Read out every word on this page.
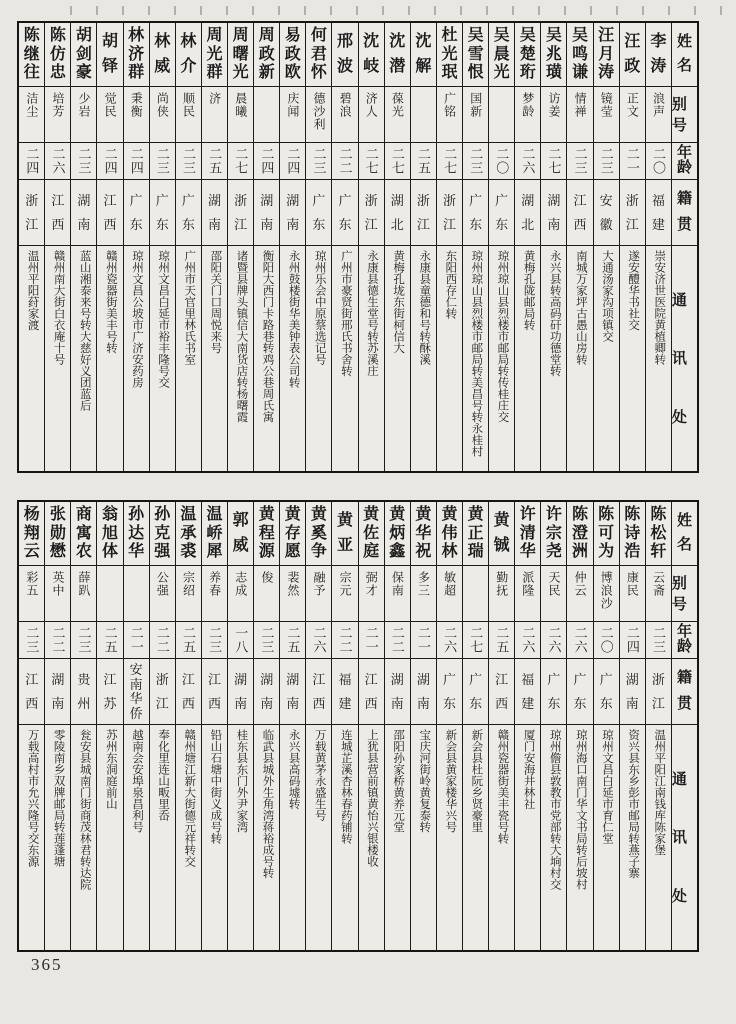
姓
名
别
号
年
龄
籍
贯
通
讯
处
李
涛
浪声
二〇
福
建
崇安济世医院黄植卿转
汪
政
正文
二一
浙
江
遂安醴华书社交
汪
月
涛
镜莹
二三
安
徽
大通汤家沟项镇交
吴
鸣
谦
情禅
二三
江
西
南城万家坪古愚山房转
吴
兆
璜
访姜
二七
湖
南
永兴县转高码矸功德堂转
吴
楚
珩
梦龄
二六
湖
北
黄梅孔陇邮局转
吴
晨
光
二〇
广
东
琼州琼山县烈楼市邮局转传桂庄交
吴
雪
恨
国新
二三
广
东
琼州琼山县烈楼市邮局转美昌号转永桂村
杜
光
珉
广铭
二七
浙
江
东阳西存仁转
沈
解
二五
浙
江
永康县童德和号转酥溪
沈
潜
葆光
二七
湖
北
黄梅孔垅东街柯信大
沈
岐
济人
二七
浙
江
永康县德生堂号转苏溪庄
邢
波
碧浪
二二
广
东
广州市豪贤街邢氏书舍转
何
君
怀
德沙利
二三
广
东
琼州乐会中原蔡选记号
易
政
欧
庆闻
二四
湖
南
永州鼓楼街华美钟表公司转
周
政
新
二四
湖
南
衡阳大西门卡路巷转鸡公巷周氏寓
周
曙
光
晨曦
二七
浙
江
诸暨县牌头镇信大南货店转杨曙霞
周
光
群
济
二五
湖
南
邵阳关门口周悦来号
林
介
顺民
二三
广
东
广州市天官里林氏书室
林
威
尚侠
二三
广
东
琼州文昌白延市裕丰隆号交
林
济
群
秉衡
二四
广
东
琼州文昌公坡市广济安药房
胡
铎
觉民
二四
江
西
赣州瓷器街美丰号转
胡
剑
豪
少岩
二三
湖
南
蓝山湘泰来号转大慈好义团蓝后
陈
仿
忠
培芳
二六
江
西
赣州南大街白衣庵十号
陈
继
往
洁尘
二四
浙
江
温州平阳荮家渡
姓
名
别
号
年
龄
籍
贯
通
讯
处
陈
松
轩
云斋
二三
浙
江
温州平阳江南钱库陈家堡
陈
诗
浩
康民
二四
湖
南
资兴县东乡彭市邮局转燕子寨
陈
可
为
博浪沙
二〇
广
东
琼州文昌白延市育仁堂
陈
澄
洲
仲云
二六
广
东
琼州海口南门华文书局转后坡村
许
宗
尧
天民
二六
广
东
琼州儋县敦教市党部转大垧村交
许
清
华
派隆
二六
福
建
厦门安海井林社
黄
铖
勤抚
二五
江
西
赣州瓷器街美丰瓷号转
黄
正
瑞
二七
广
东
新会县杜阮乡贤豪里
黄
伟
林
敏超
二六
广
东
新会县黄家楼华兴号
黄
华
祝
多三
二一
湖
南
宝庆河街岭黄复泰转
黄
炳
鑫
保南
二二
湖
南
邵阳孙家桥黄养元堂
黄
佐
庭
弼才
二一
江
西
上犹县营前镇黄怡兴银楼收
黄
亚
宗元
二二
福
建
连城芷溪杏林春药铺转
黄
奚
争
融予
二六
江
西
万载黄茅永盛生号
黄
存
愿
裴然
二五
湖
南
永兴县高码墟转
黄
程
源
俊
二三
湖
南
临武县城外生角湾蒋裕成号转
郭
威
志成
一八
湖
南
桂东县东门外尹家湾
温
峤
犀
养春
二三
江
西
铅山石塘中街义成号转
温
承
裘
宗绍
二五
江
西
赣州塘江新大街德元祥转交
孙
克
强
公强
二二
浙
江
奉化里连山畈里岙
孙
达
华
二一
安
南
华
侨
越南会安埠泉昌利号
翁
旭
体
二五
江
苏
苏州东洞庭前山
商
寓
农
薛趴
二三
贵
州
瓮安县城南门街商茂林君转达院
张
勋
懋
英中
二二
湖
南
零陵南乡双牌邮局转莲蓬塘
杨
翔
云
彩五
二三
江
西
万载高村市允兴隆号交东源
365
